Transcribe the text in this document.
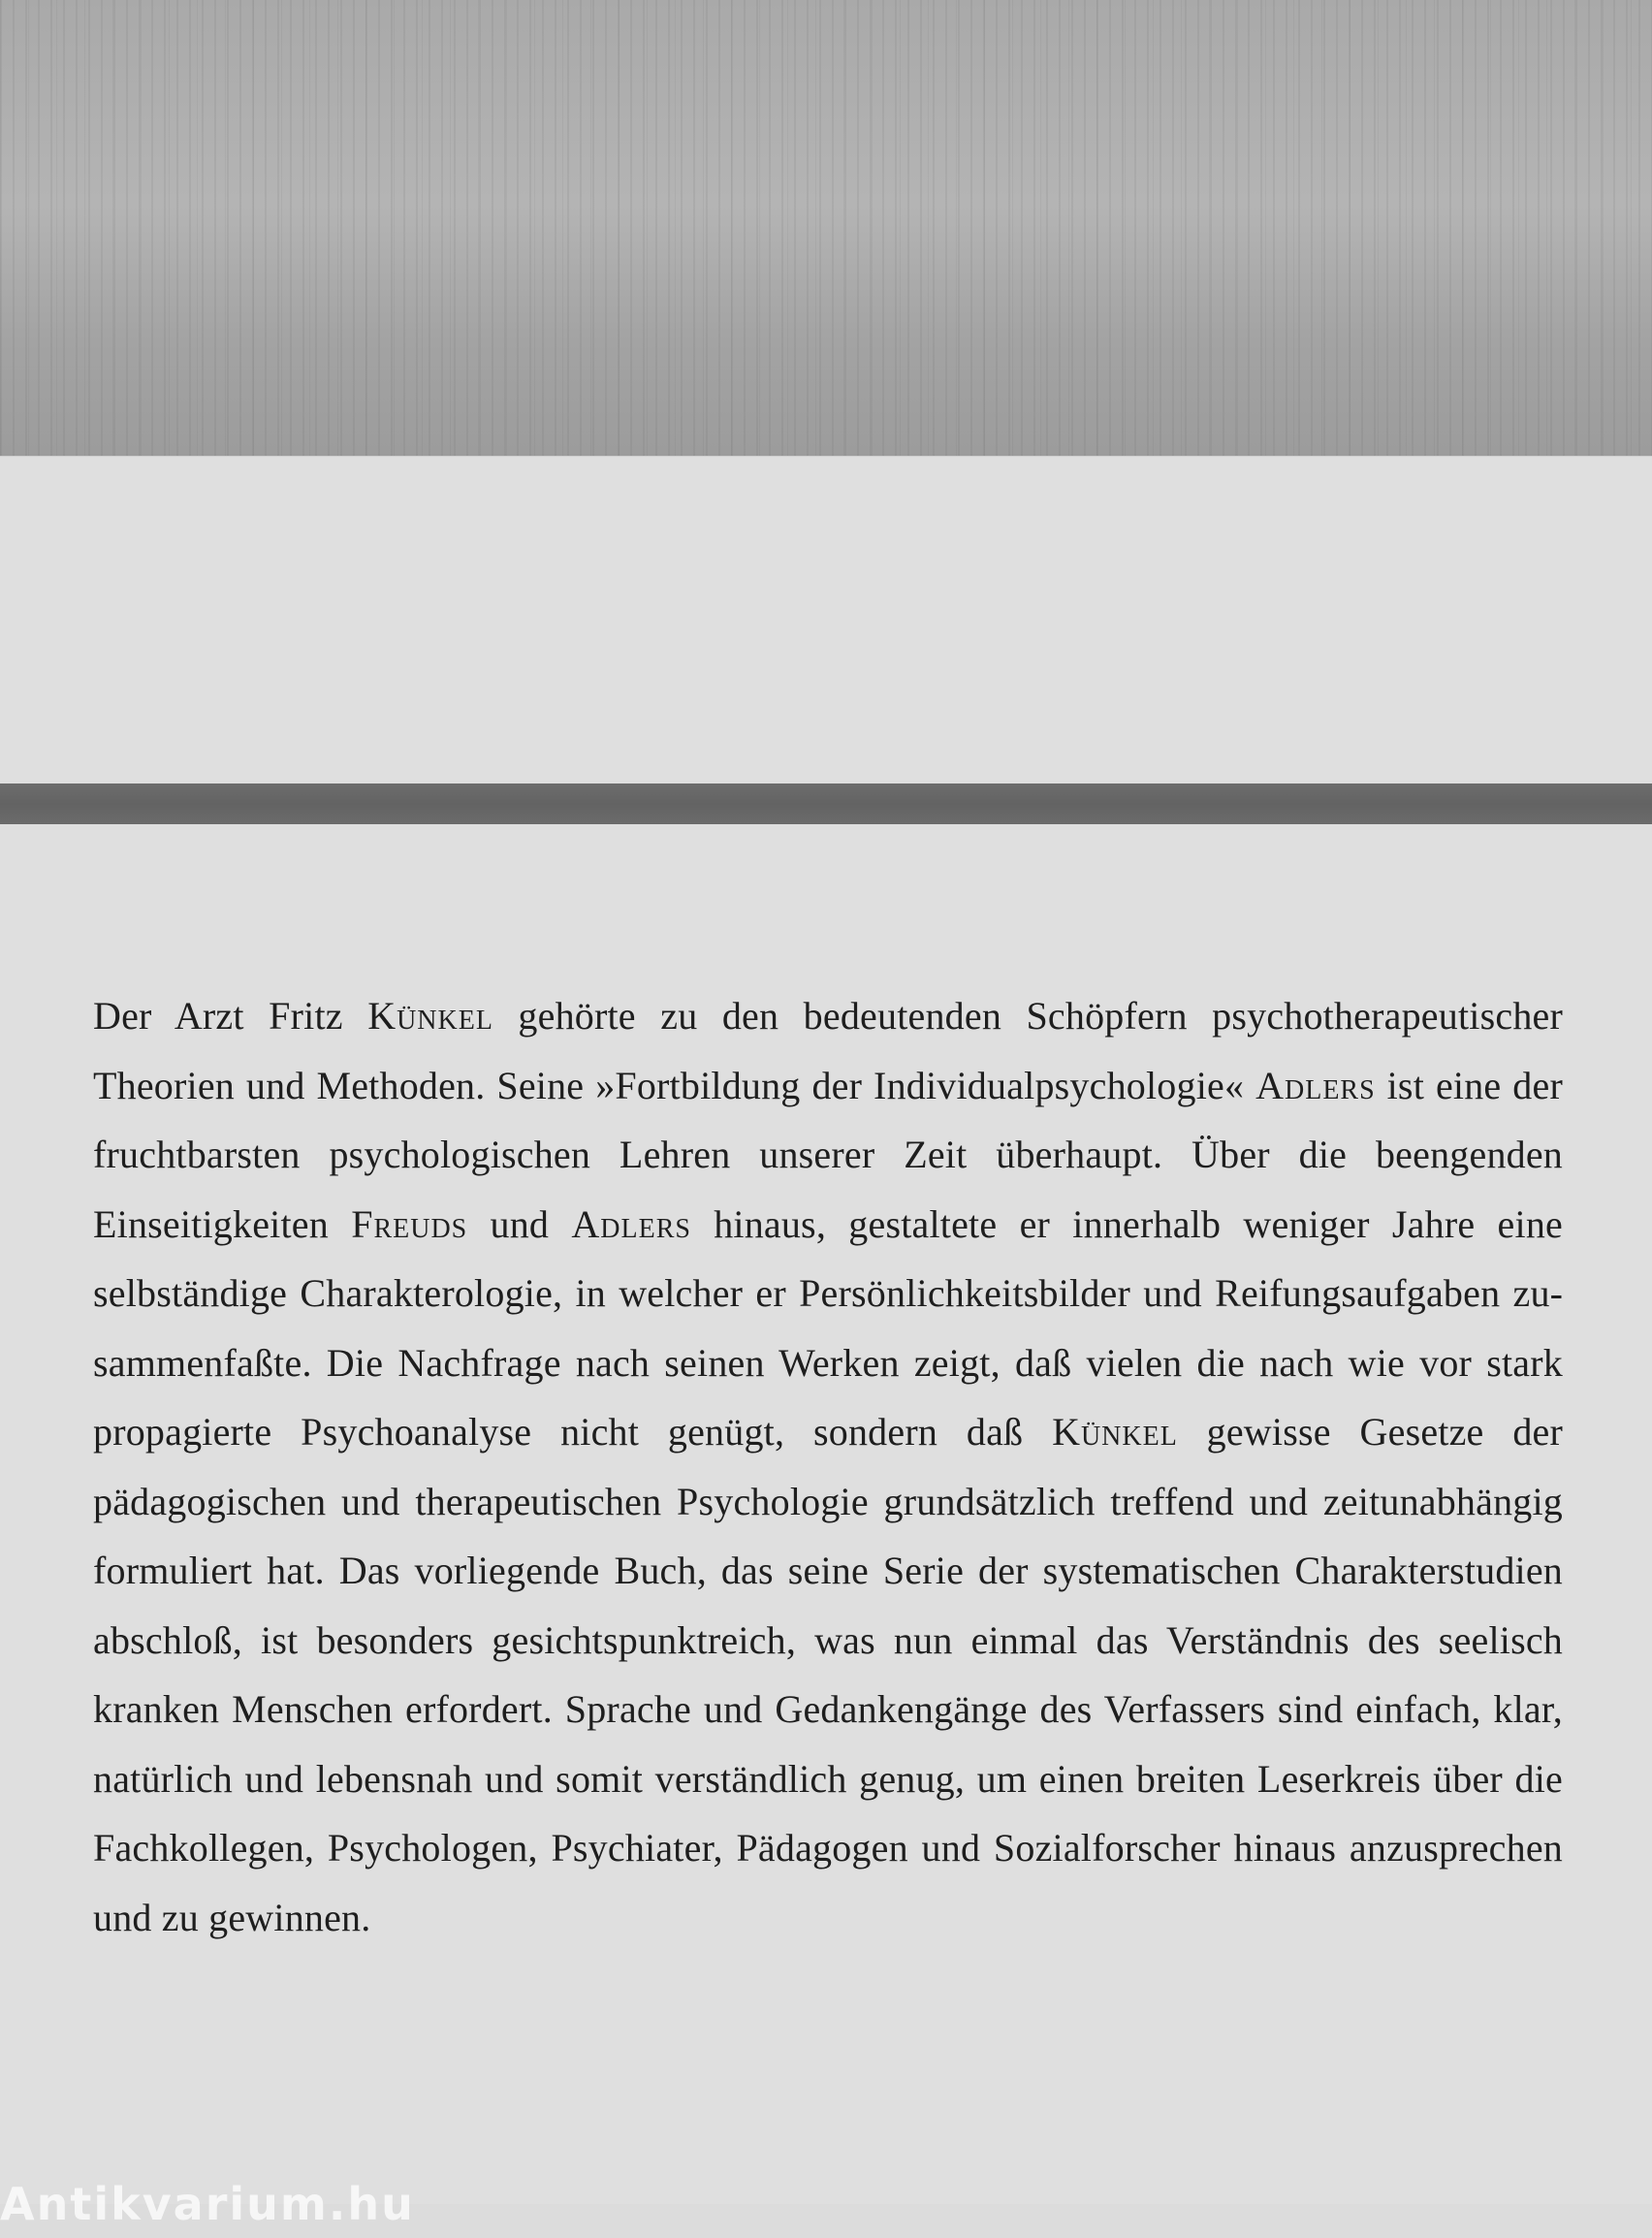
Der Arzt Fritz Künkel gehörte zu den bedeutenden Schöpfern psychotherapeutischer Theorien und Methoden. Seine »Fortbildung der Individualpsychologie« Adlers ist eine der fruchtbarsten psychologischen Lehren unserer Zeit überhaupt. Über die beengenden Einseitigkeiten Freuds und Adlers hinaus, gestaltete er innerhalb weniger Jahre eine selbständige Charakterologie, in welcher er Persönlichkeitsbilder und Reifungsaufgaben zusammenfaßte. Die Nachfrage nach seinen Werken zeigt, daß vielen die nach wie vor stark propagierte Psychoanalyse nicht genügt, sondern daß Künkel gewisse Gesetze der pädagogischen und therapeutischen Psychologie grundsätzlich treffend und zeitunabhängig formuliert hat. Das vorliegende Buch, das seine Serie der systematischen Charakterstudien abschloß, ist besonders gesichtspunktreich, was nun einmal das Verständnis des seelisch kranken Menschen erfordert. Sprache und Gedankengänge des Verfassers sind einfach, klar, natürlich und lebensnah und somit verständlich genug, um einen breiten Leserkreis über die Fachkollegen, Psychologen, Psychiater, Pädagogen und Sozialforscher hinaus anzusprechen und zu gewinnen.

Antikvarium.hu
